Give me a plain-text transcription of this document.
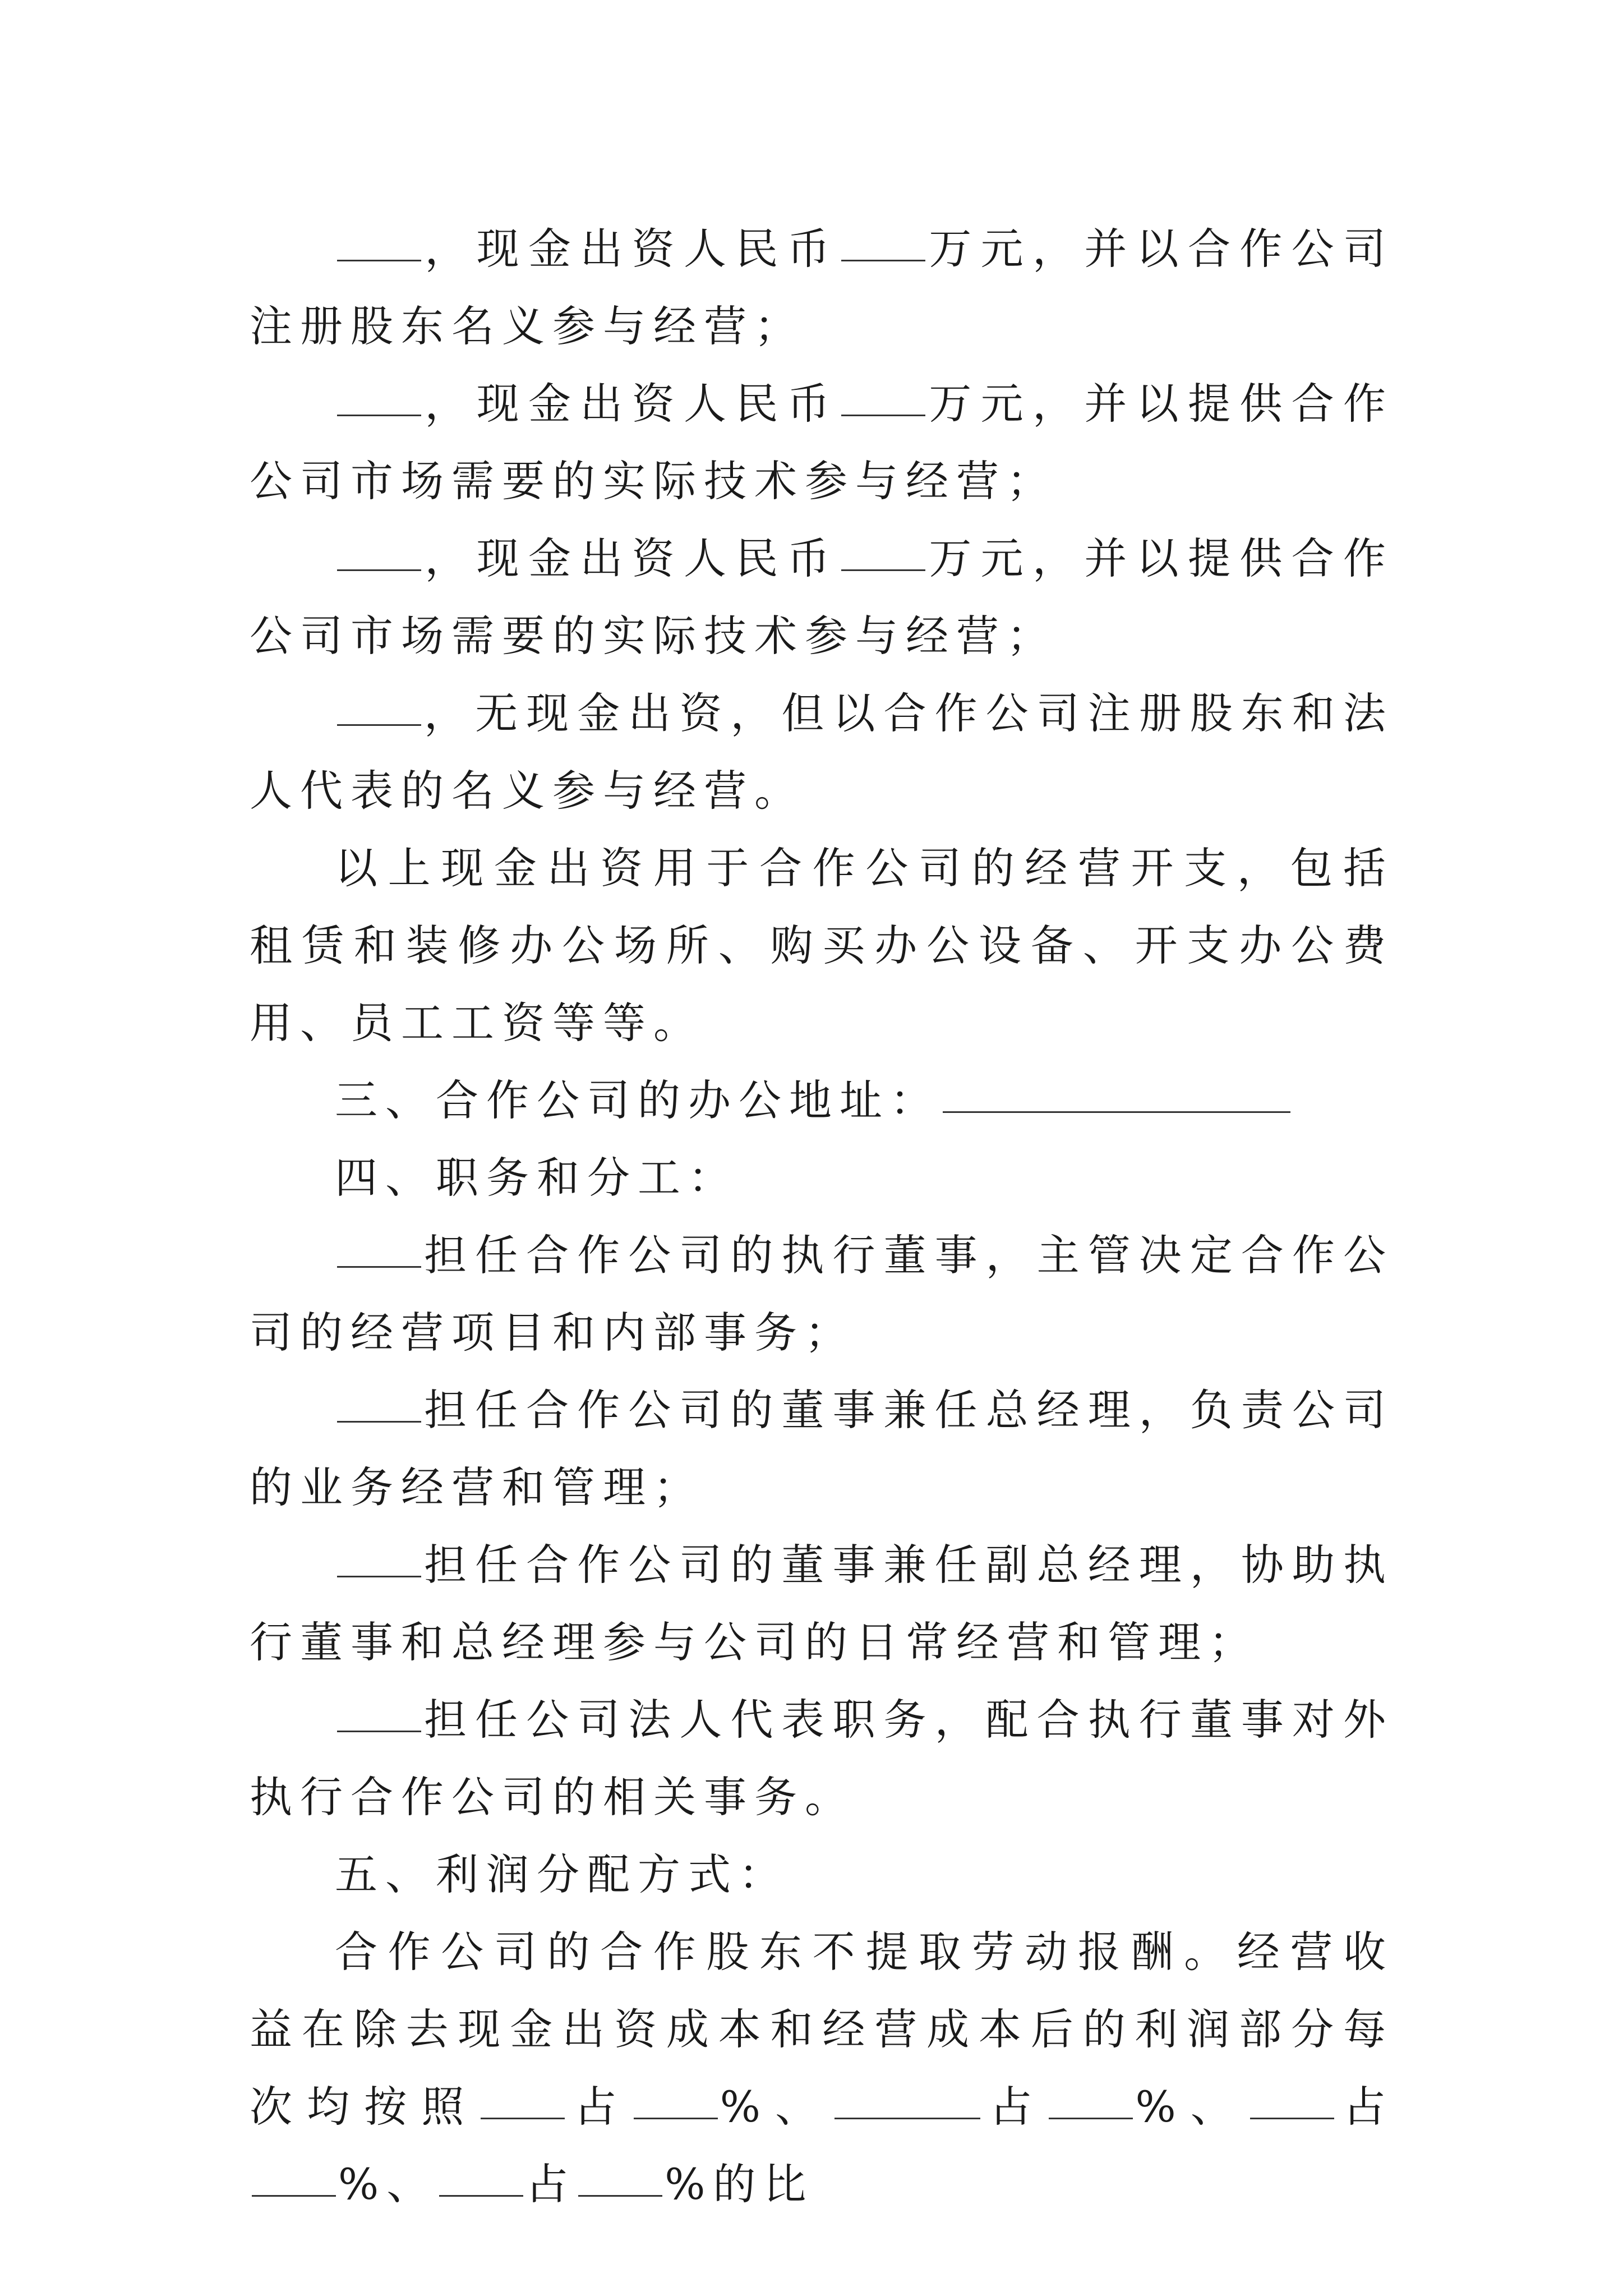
，现金出资人民币 万元，并以合作公司注册股东名义参与经营；

，现金出资人民币 万元，并以提供合作公司市场需要的实际技术参与经营；

，现金出资人民币 万元，并以提供合作公司市场需要的实际技术参与经营；

，无现金出资，但以合作公司注册股东和法人代表的名义参与经营。

以上现金出资用于合作公司的经营开支，包括租赁和装修办公场所、购买办公设备、开支办公费用、员工工资等等。

三、合作公司的办公地址：

四、职务和分工：

担任合作公司的执行董事，主管决定合作公司的经营项目和内部事务；

担任合作公司的董事兼任总经理，负责公司的业务经营和管理；

担任合作公司的董事兼任副总经理，协助执行董事和总经理参与公司的日常经营和管理；

担任公司法人代表职务，配合执行董事对外执行合作公司的相关事务。

五、利润分配方式：

合作公司的合作股东不提取劳动报酬。经营收益在除去现金出资成本和经营成本后的利润部分每次均按照 占 %、	占 %、 占%、 占 %的比
